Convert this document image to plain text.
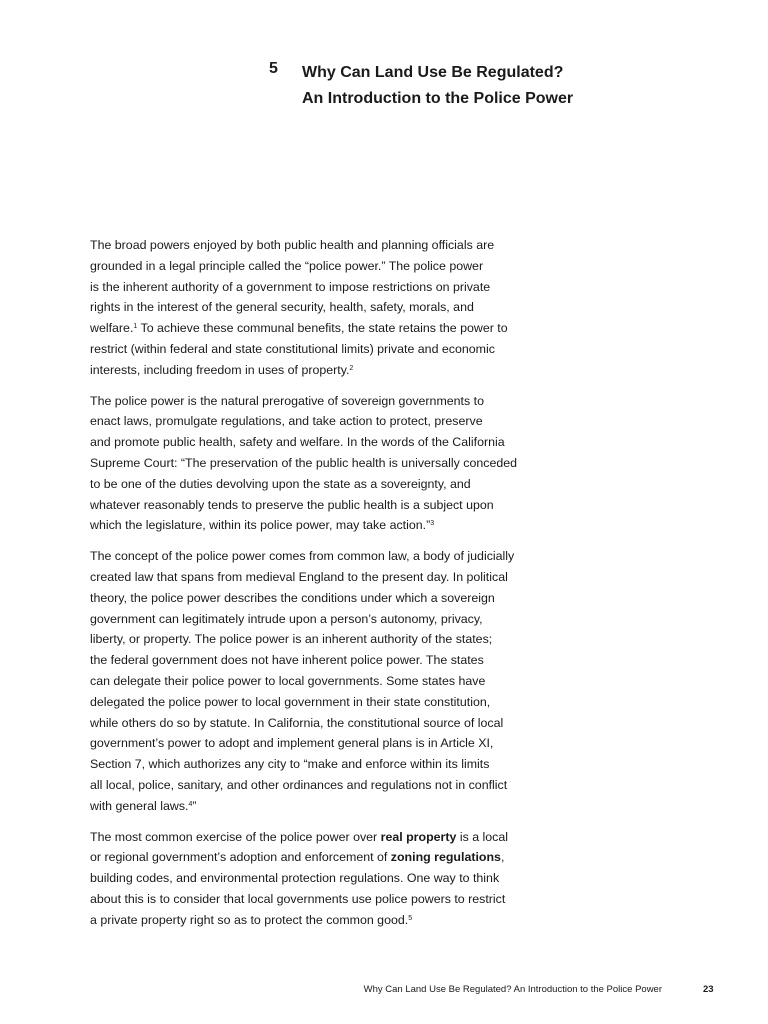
5 Why Can Land Use Be Regulated?
An Introduction to the Police Power
The broad powers enjoyed by both public health and planning officials are
grounded in a legal principle called the “police power.” The police power
is the inherent authority of a government to impose restrictions on private
rights in the interest of the general security, health, safety, morals, and
welfare.$^1$ To achieve these communal benefits, the state retains the power to
restrict (within federal and state constitutional limits) private and economic
interests, including freedom in uses of property.$^2$
The police power is the natural prerogative of sovereign governments to
enact laws, promulgate regulations, and take action to protect, preserve
and promote public health, safety and welfare. In the words of the California
Supreme Court: “The preservation of the public health is universally conceded
to be one of the duties devolving upon the state as a sovereignty, and
whatever reasonably tends to preserve the public health is a subject upon
which the legislature, within its police power, may take action.”$^3$
The concept of the police power comes from common law, a body of judicially
created law that spans from medieval England to the present day. In political
theory, the police power describes the conditions under which a sovereign
government can legitimately intrude upon a person’s autonomy, privacy,
liberty, or property. The police power is an inherent authority of the states;
the federal government does not have inherent police power. The states
can delegate their police power to local governments. Some states have
delegated the police power to local government in their state constitution,
while others do so by statute. In California, the constitutional source of local
government’s power to adopt and implement general plans is in Article XI,
Section 7, which authorizes any city to “make and enforce within its limits
all local, police, sanitary, and other ordinances and regulations not in conflict
with general laws.$^4$”
The most common exercise of the police power over real property is a local
or regional government’s adoption and enforcement of zoning regulations,
building codes, and environmental protection regulations. One way to think
about this is to consider that local governments use police powers to restrict
a private property right so as to protect the common good.$^5$
Why Can Land Use Be Regulated? An Introduction to the Police Power	23
